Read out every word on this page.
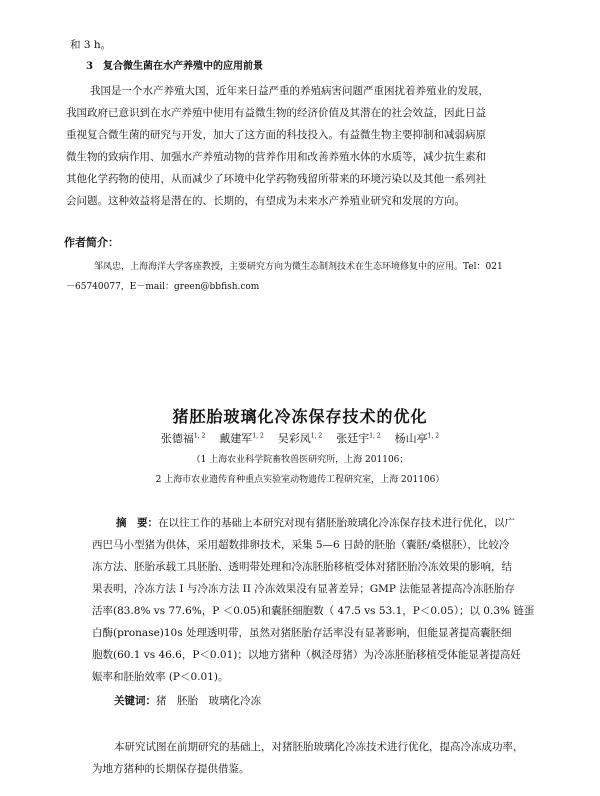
和 3 h。
3　复合微生菌在水产养殖中的应用前景
我国是一个水产养殖大国，近年来日益严重的养殖病害问题严重困扰着养殖业的发展，
我国政府已意识到在水产养殖中使用有益微生物的经济价值及其潜在的社会效益，因此日益
重视复合微生菌的研究与开发，加大了这方面的科技投入。有益微生物主要抑制和减弱病原
微生物的致病作用、加强水产养殖动物的营养作用和改善养殖水体的水质等，减少抗生素和
其他化学药物的使用，从而减少了环境中化学药物残留所带来的环境污染以及其他一系列社
会问题。这种效益将是潜在的、长期的，有望成为未来水产养殖业研究和发展的方向。
作者简介：
邹凤忠，上海海洋大学客座教授，主要研究方向为微生态制剂技术在生态环境修复中的应用。Tel：021
－65740077，E－mail：green@bbfish.com
猪胚胎玻璃化冷冻保存技术的优化
张德福$^{1, 2}$ 戴建军$^{1, 2}$ 吴彩凤$^{1, 2}$ 张廷宇$^{1, 2}$ 杨山亭$^{1, 2}$
（1 上海农业科学院畜牧兽医研究所，上海 201106；
2 上海市农业遗传育种重点实验室动物遗传工程研究室，上海 201106）
摘　要：在以往工作的基础上本研究对现有猪胚胎玻璃化冷冻保存技术进行优化，以广
西巴马小型猪为供体，采用超数排卵技术，采集 5—6 日龄的胚胎（囊胚/桑椹胚），比较冷
冻方法、胚胎承载工具胚胎、透明带处理和冷冻胚胎移植受体对猪胚胎冷冻效果的影响，结
果表明，冷冻方法 I 与冷冻方法 II 冷冻效果没有显著差异；GMP 法能显著提高冷冻胚胎存
活率(83.8% vs 77.6%，P ＜0.05)和囊胚细胞数（ 47.5 vs 53.1，P＜0.05）；以 0.3% 链蛋
白酶(pronase)10s 处理透明带，虽然对猪胚胎存活率没有显著影响，但能显著提高囊胚细
胞数(60.1 vs 46.6，P＜0.01)；以地方猪种（枫泾母猪）为冷冻胚胎移植受体能显著提高妊
娠率和胚胎效率 (P＜0.01)。
关键词：猪　胚胎　玻璃化冷冻
本研究试图在前期研究的基础上，对猪胚胎玻璃化冷冻技术进行优化，提高冷冻成功率，
为地方猪种的长期保存提供借鉴。
